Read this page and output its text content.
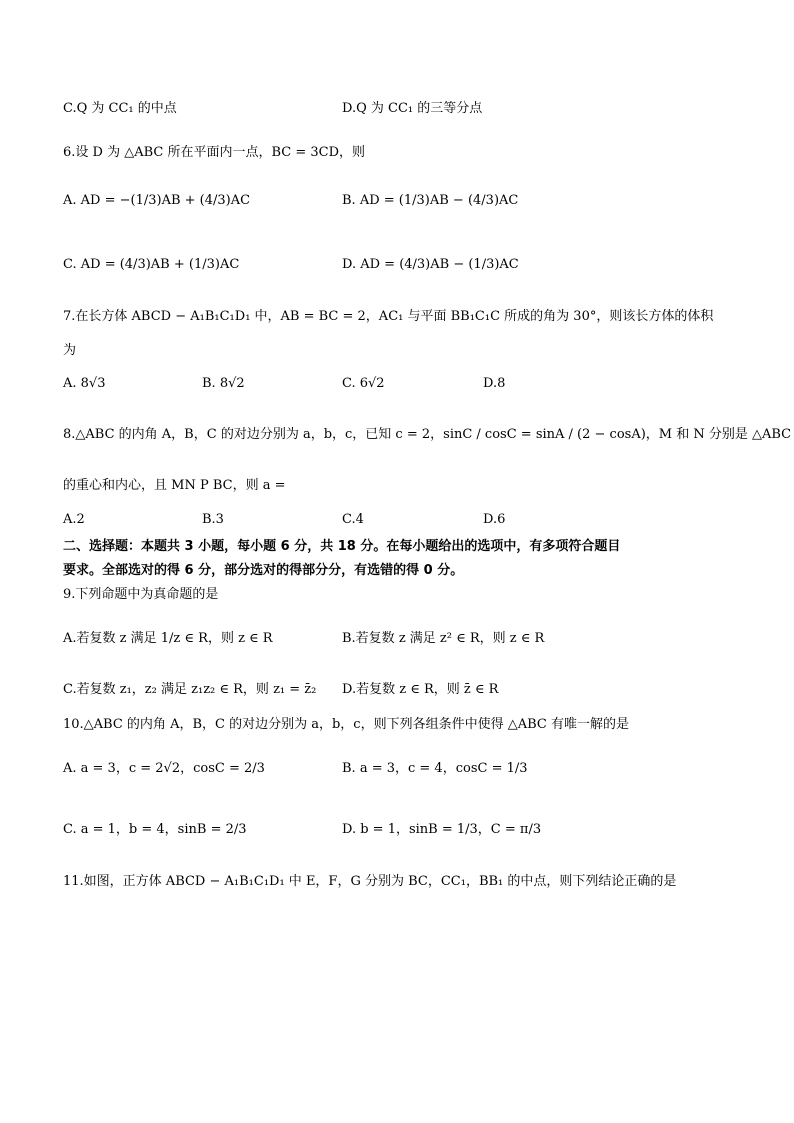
C.Q 为 CC₁ 的中点	D.Q 为 CC₁ 的三等分点
6.设 D 为 △ABC 所在平面内一点，BC = 3CD，则
A. AD = −(1/3)AB + (4/3)AC	B. AD = (1/3)AB − (4/3)AC
C. AD = (4/3)AB + (1/3)AC	D. AD = (4/3)AB − (1/3)AC
7.在长方体 ABCD − A₁B₁C₁D₁ 中，AB = BC = 2，AC₁ 与平面 BB₁C₁C 所成的角为 30°，则该长方体的体积
为
A. 8√3	B. 8√2	C. 6√2	D.8
8.△ABC 的内角 A，B，C 的对边分别为 a，b，c，已知 c = 2，sinC / cosC = sinA / (2 − cosA)，M 和 N 分别是 △ABC
的重心和内心，且 MN P BC，则 a =
A.2	B.3	C.4	D.6
二、选择题：本题共 3 小题，每小题 6 分，共 18 分。在每小题给出的选项中，有多项符合题目
要求。全部选对的得 6 分，部分选对的得部分分，有选错的得 0 分。
9.下列命题中为真命题的是
A.若复数 z 满足 1/z ∈ R，则 z ∈ R	B.若复数 z 满足 z² ∈ R，则 z ∈ R
C.若复数 z₁，z₂ 满足 z₁z₂ ∈ R，则 z₁ = z̄₂ D.若复数 z ∈ R，则 z̄ ∈ R
10.△ABC 的内角 A，B，C 的对边分别为 a，b，c，则下列各组条件中使得 △ABC 有唯一解的是
A. a = 3，c = 2√2，cosC = 2/3	B. a = 3，c = 4，cosC = 1/3
C. a = 1，b = 4，sinB = 2/3	D. b = 1，sinB = 1/3，C = π/3
11.如图，正方体 ABCD − A₁B₁C₁D₁ 中 E，F，G 分别为 BC，CC₁，BB₁ 的中点，则下列结论正确的是
